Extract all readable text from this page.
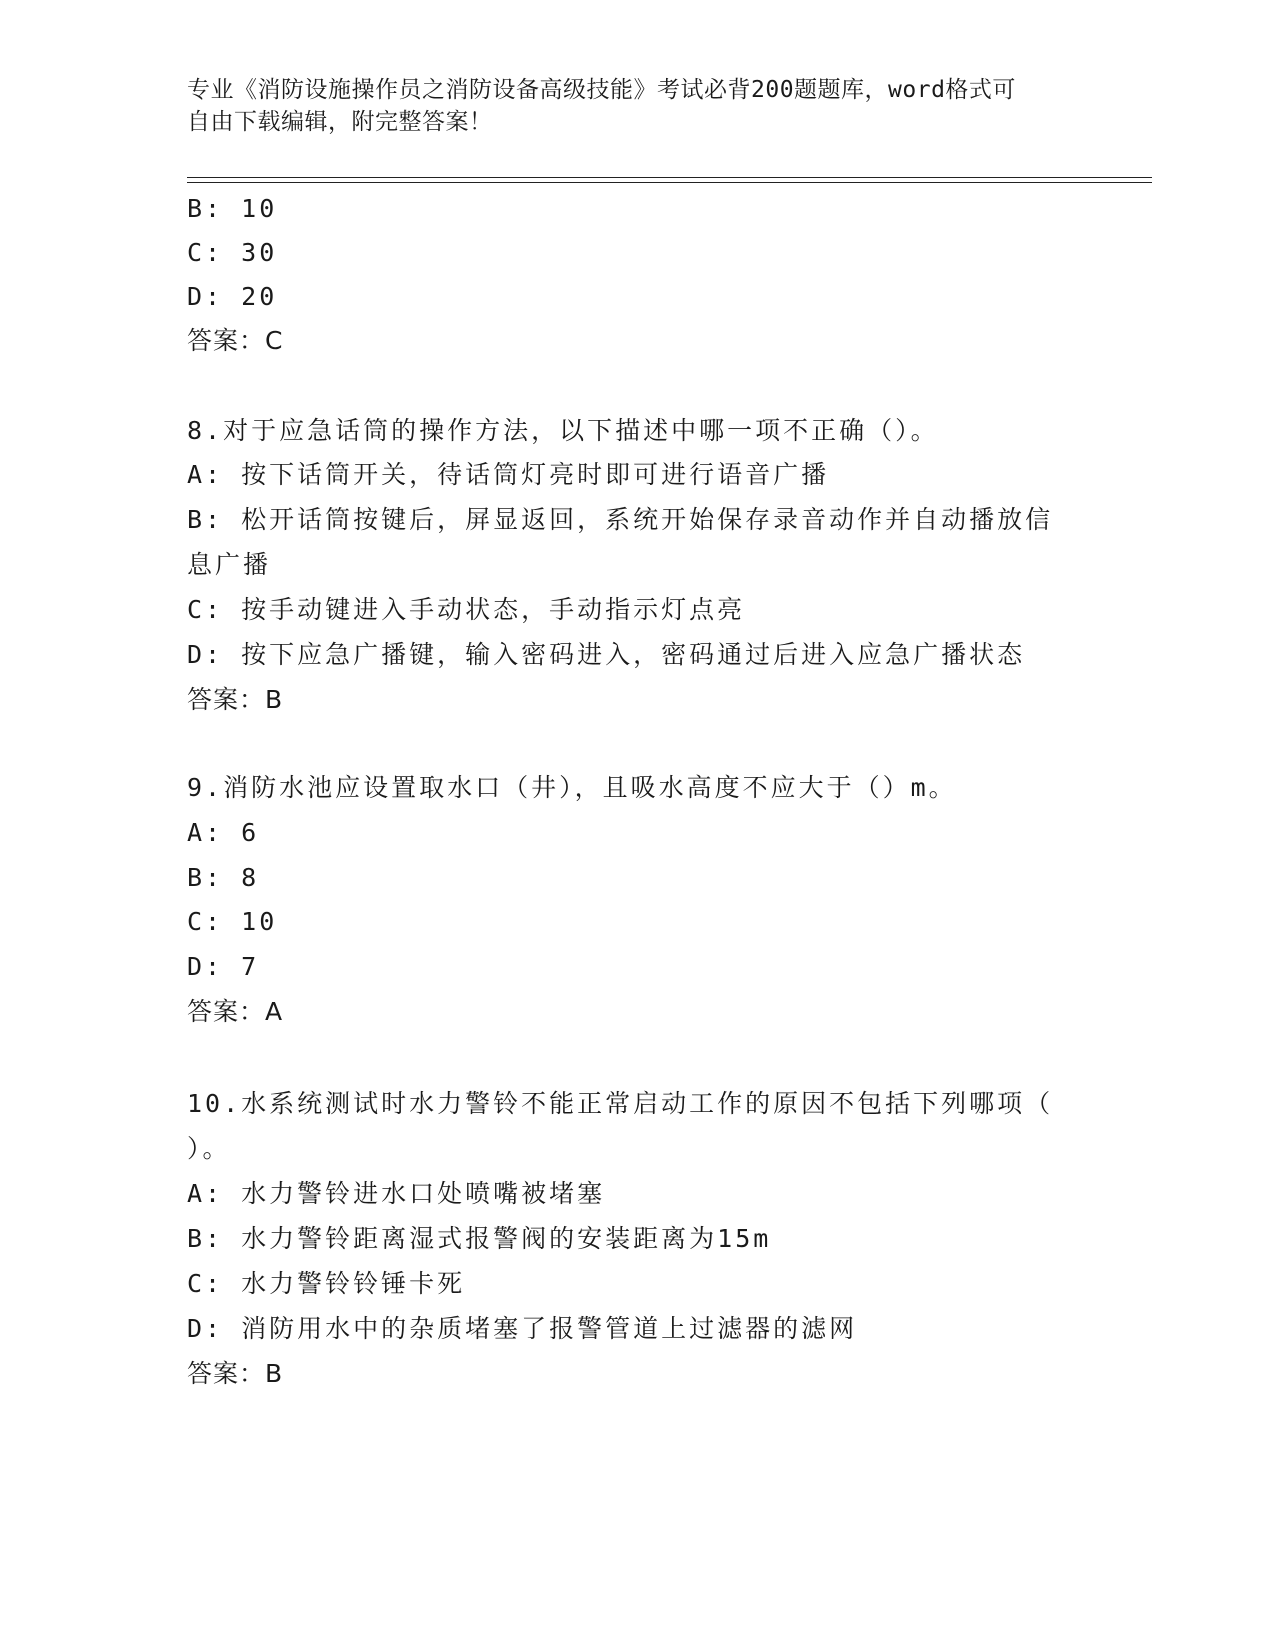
专业《消防设施操作员之消防设备高级技能》考试必背200题题库，word格式可
自由下载编辑，附完整答案！
B: 10
C: 30
D: 20
答案：C
8.对于应急话筒的操作方法，以下描述中哪一项不正确（）。
A: 按下话筒开关，待话筒灯亮时即可进行语音广播
B: 松开话筒按键后，屏显返回，系统开始保存录音动作并自动播放信
息广播
C: 按手动键进入手动状态，手动指示灯点亮
D: 按下应急广播键，输入密码进入，密码通过后进入应急广播状态
答案：B
9.消防水池应设置取水口（井），且吸水高度不应大于（）m。
A: 6
B: 8
C: 10
D: 7
答案：A
10.水系统测试时水力警铃不能正常启动工作的原因不包括下列哪项（
）。
A: 水力警铃进水口处喷嘴被堵塞
B: 水力警铃距离湿式报警阀的安装距离为15m
C: 水力警铃铃锤卡死
D: 消防用水中的杂质堵塞了报警管道上过滤器的滤网
答案：B
